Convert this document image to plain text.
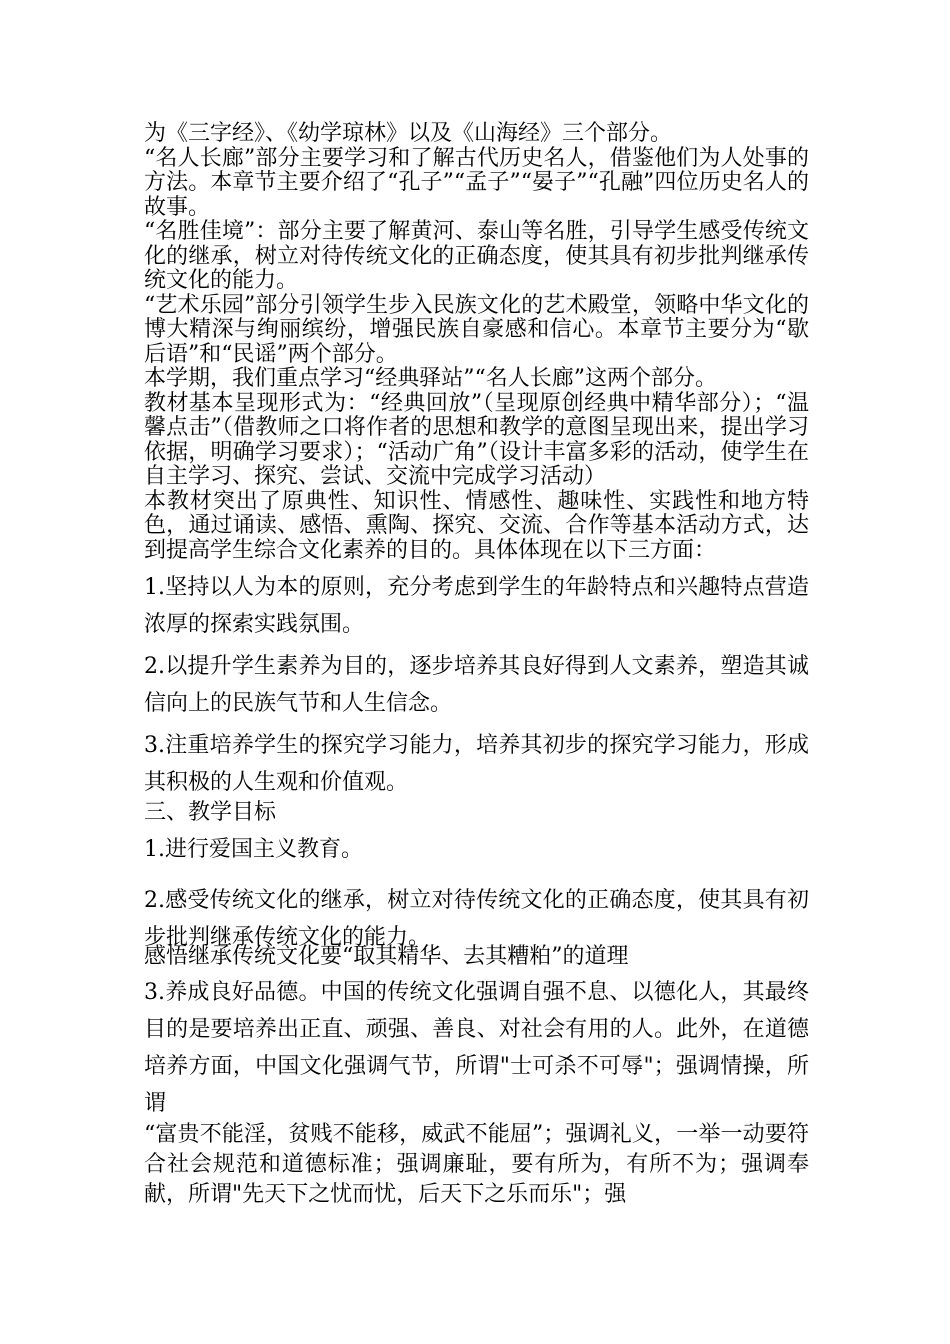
为《三字经》、《幼学琼林》以及《山海经》三个部分。

“名人长廊”部分主要学习和了解古代历史名人，借鉴他们为人处事的方法。本章节主要介绍了“孔子”“孟子”“晏子”“孔融”四位历史名人的故事。

“名胜佳境”：部分主要了解黄河、泰山等名胜，引导学生感受传统文化的继承，树立对待传统文化的正确态度，使其具有初步批判继承传统文化的能力。

“艺术乐园”部分引领学生步入民族文化的艺术殿堂，领略中华文化的博大精深与绚丽缤纷，增强民族自豪感和信心。本章节主要分为“歇后语”和“民谣”两个部分。

本学期，我们重点学习“经典驿站”“名人长廊”这两个部分。

教材基本呈现形式为：“经典回放”（呈现原创经典中精华部分）；“温馨点击”（借教师之口将作者的思想和教学的意图呈现出来，提出学习依据，明确学习要求）；“活动广角”（设计丰富多彩的活动，使学生在自主学习、探究、尝试、交流中完成学习活动）

本教材突出了原典性、知识性、情感性、趣味性、实践性和地方特色，通过诵读、感悟、熏陶、探究、交流、合作等基本活动方式，达到提高学生综合文化素养的目的。具体体现在以下三方面：

1.坚持以人为本的原则，充分考虑到学生的年龄特点和兴趣特点营造浓厚的探索实践氛围。

2.以提升学生素养为目的，逐步培养其良好得到人文素养，塑造其诚信向上的民族气节和人生信念。

3.注重培养学生的探究学习能力，培养其初步的探究学习能力，形成其积极的人生观和价值观。

三、教学目标

1.进行爱国主义教育。

2.感受传统文化的继承，树立对待传统文化的正确态度，使其具有初步批判继承传统文化的能力。

感悟继承传统文化要“取其精华、去其糟粕”的道理

3.养成良好品德。中国的传统文化强调自强不息、以德化人，其最终目的是要培养出正直、顽强、善良、对社会有用的人。此外，在道德培养方面，中国文化强调气节，所谓"士可杀不可辱"；强调情操，所谓

“富贵不能淫，贫贱不能移，威武不能屈”；强调礼义，一举一动要符合社会规范和道德标准；强调廉耻，要有所为，有所不为；强调奉献，所谓"先天下之忧而忧，后天下之乐而乐"；强
